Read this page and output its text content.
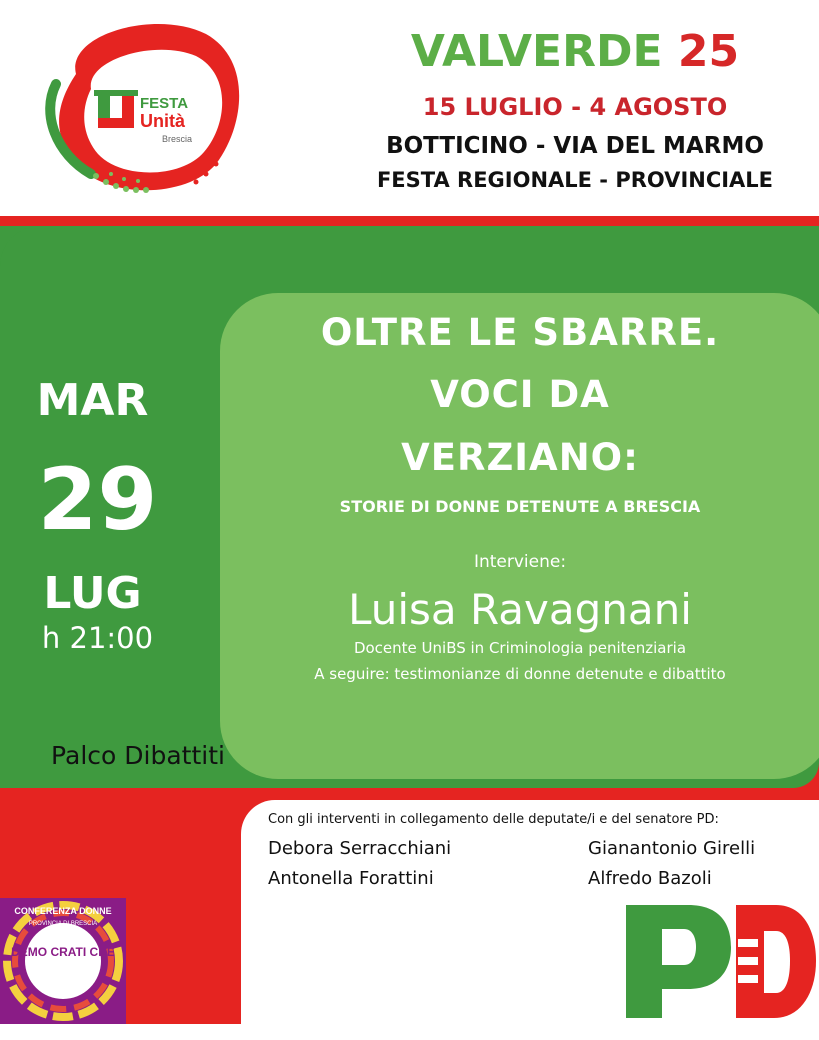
FESTA
Unità
Brescia
VALVERDE 25
15 LUGLIO - 4 AGOSTO
BOTTICINO - VIA DEL MARMO
FESTA REGIONALE - PROVINCIALE
MAR
29
LUG
h 21:00
Palco Dibattiti
OLTRE LE SBARRE.
VOCI DA
VERZIANO:
STORIE DI DONNE DETENUTE A BRESCIA
Interviene:
Luisa Ravagnani
Docente UniBS in Criminologia penitenziaria
A seguire: testimonianze di donne detenute e dibattito
Con gli interventi in collegamento delle deputate/i e del senatore PD:
Debora Serracchiani	Gianantonio Girelli
Antonella Forattini	Alfredo Bazoli
DEMO CRATI CHE
CONFERENZA DONNE
PROVINCIA DI BRESCIA
